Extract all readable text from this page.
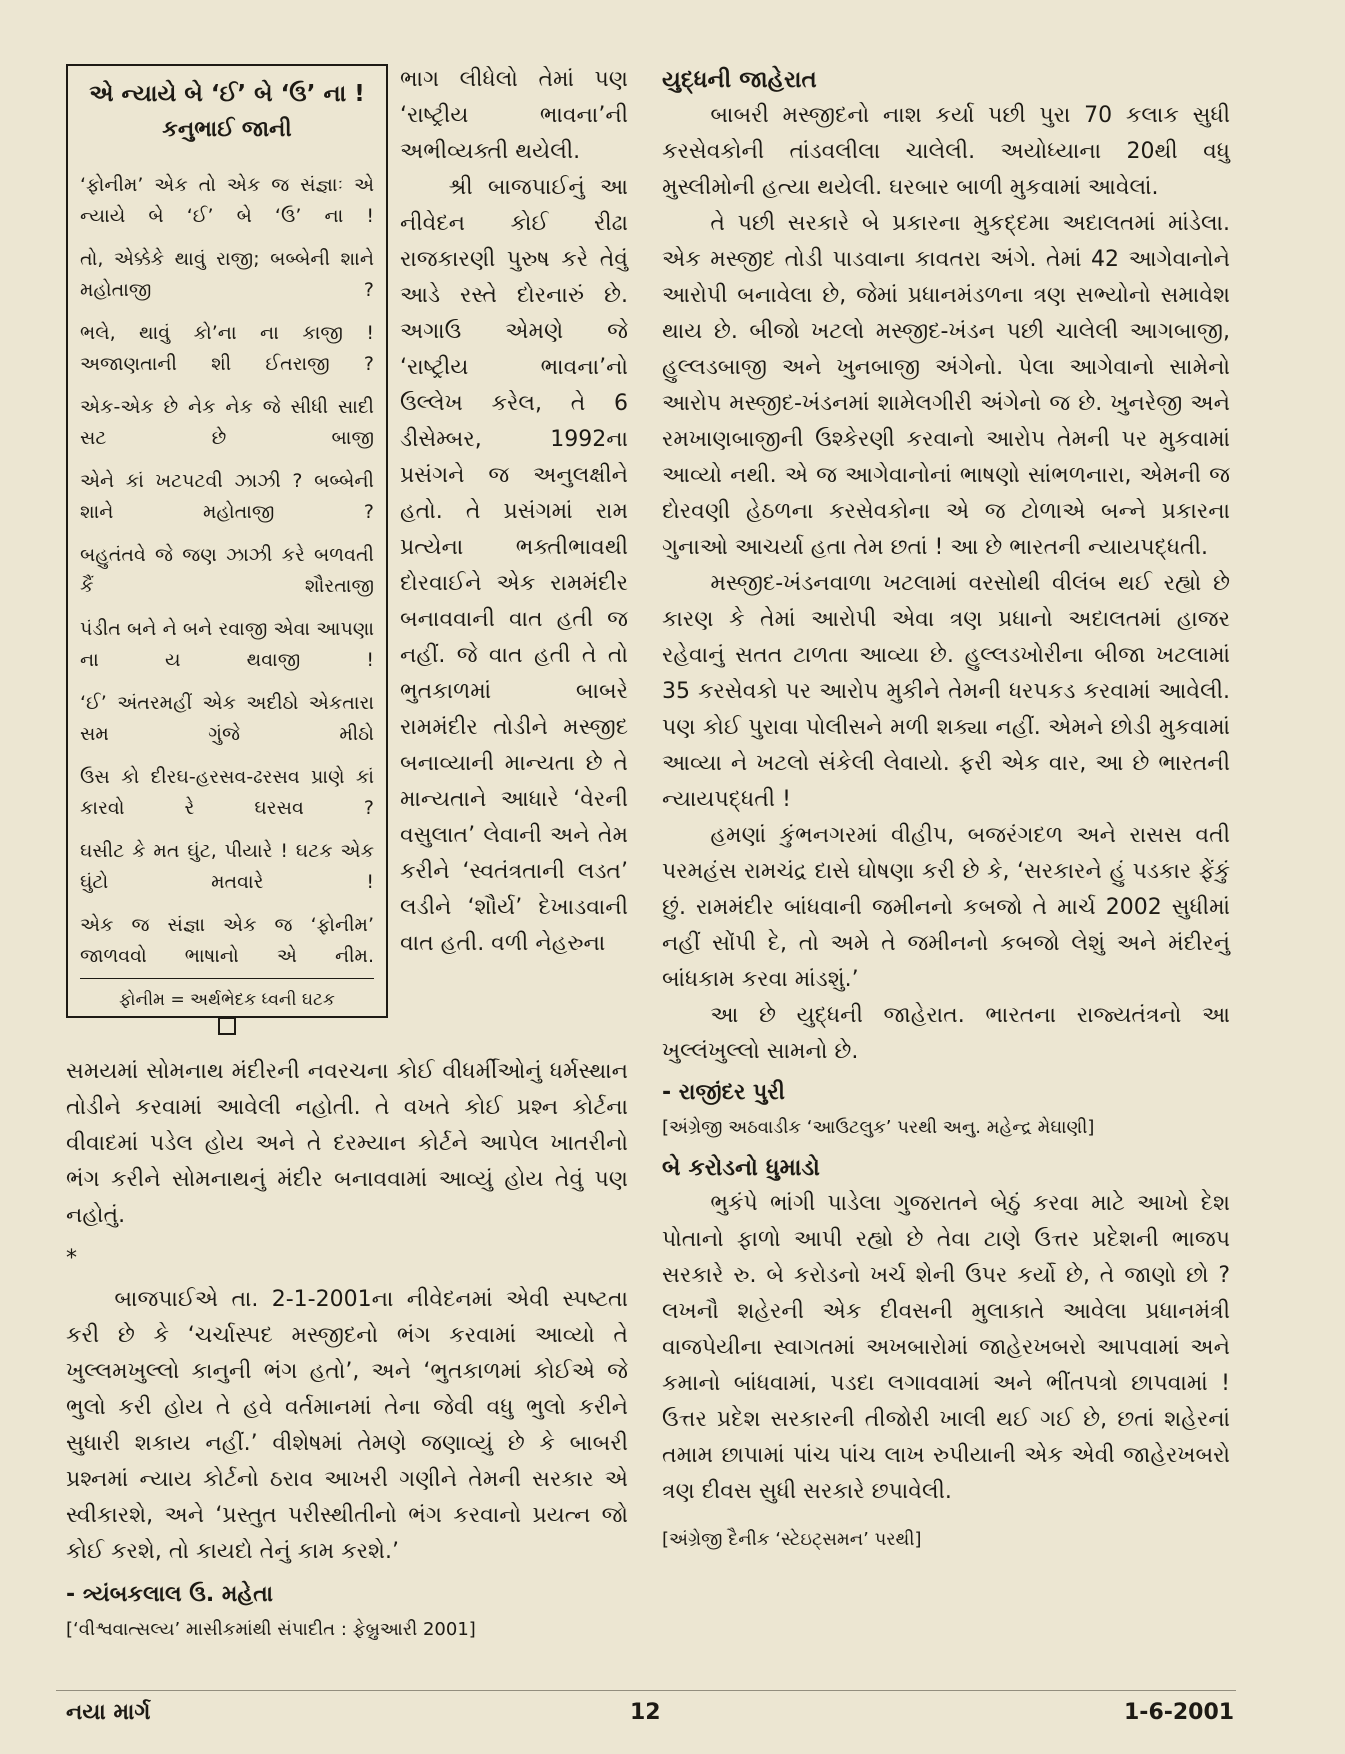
એ ન્યાયે બે ‘ઈ’ બે ‘ઉ’ ના !

કનુભાઈ જાની

‘ફોનીમ’ એક તો એક જ સંજ્ઞાઃ એ ન્યાયે બે ‘ઈ’ બે ‘ઉ’ ના !

તો, એક્કેકે થાવું રાજી; બબ્બેની શાને મહોતાજી ?

ભલે, થાવું કો’ના ના કાજી ! અજાણતાની શી ઈતરાજી ?

એક-એક છે નેક નેક જે સીધી સાદી સટ છે બાજી

એને કાં ખટપટવી ઝાઝી ? બબ્બેની શાને મહોતાજી ?

બહુતંતવે જે જણ ઝાઝી કરે બળવતી કૈં શૌરતાજી

પંડીત બને ને બને રવાજી એવા આપણા ના ય થવાજી !

‘ઈ’ અંતરમહીં એક અદીઠો એકતારા સમ ગુંજે મીઠો

ઉસ કો દીરઘ-હરસવ-ઢરસવ પ્રાણે કાં કારવો રે ઘરસવ ?

ઘસીટ કે મત ઘુંટ, પીયારે ! ઘટક એક ઘુંટો મતવારે !

એક જ સંજ્ઞા એક જ ‘ફોનીમ’ જાળવવો ભાષાનો એ નીમ.

ફોનીમ = અર્થભેદક ધ્વની ઘટક

ભાગ લીધેલો તેમાં પણ ‘રાષ્ટ્રીય ભાવના’ની અભીવ્યક્તી થયેલી.

શ્રી બાજપાઈનું આ નીવેદન કોઈ રીઢા રાજકારણી પુરુષ કરે તેવું આડે રસ્તે દોરનારું છે. અગાઉ એમણે જે ‘રાષ્ટ્રીય ભાવના’નો ઉલ્લેખ કરેલ, તે 6 ડીસેમ્બર, 1992ના પ્રસંગને જ અનુલક્ષીને હતો. તે પ્રસંગમાં રામ પ્રત્યેના ભક્તીભાવથી દોરવાઈને એક રામમંદીર બનાવવાની વાત હતી જ નહીં. જે વાત હતી તે તો ભુતકાળમાં બાબરે રામમંદીર તોડીને મસ્જીદ બનાવ્યાની માન્યતા છે તે માન્યતાને આધારે ‘વેરની વસુલાત’ લેવાની અને તેમ કરીને ‘સ્વતંત્રતાની લડત’ લડીને ‘શૌર્ય’ દેખાડવાની વાત હતી. વળી નેહરુના

સમયમાં સોમનાથ મંદીરની નવરચના કોઈ વીધર્મીઓનું ધર્મસ્થાન તોડીને કરવામાં આવેલી નહોતી. તે વખતે કોઈ પ્રશ્ન કોર્ટના વીવાદમાં પડેલ હોય અને તે દરમ્યાન કોર્ટને આપેલ ખાતરીનો ભંગ કરીને સોમનાથનું મંદીર બનાવવામાં આવ્યું હોય તેવું પણ નહોતું.

*

બાજપાઈએ તા. 2-1-2001ના નીવેદનમાં એવી સ્પષ્ટતા કરી છે કે ‘ચર્ચાસ્પદ મસ્જીદનો ભંગ કરવામાં આવ્યો તે ખુલ્લમખુલ્લો કાનુની ભંગ હતો’, અને ‘ભુતકાળમાં કોઈએ જે ભુલો કરી હોય તે હવે વર્તમાનમાં તેના જેવી વધુ ભુલો કરીને સુધારી શકાય નહીં.’ વીશેષમાં તેમણે જણાવ્યું છે કે બાબરી પ્રશ્નમાં ન્યાય કોર્ટનો ઠરાવ આખરી ગણીને તેમની સરકાર એ સ્વીકારશે, અને ‘પ્રસ્તુત પરીસ્થીતીનો ભંગ કરવાનો પ્રયત્ન જો કોઈ કરશે, તો કાયદો તેનું કામ કરશે.’

- ત્ર્યંબકલાલ ઉ. મહેતા

[‘વીશ્વવાત્સલ્ય’ માસીકમાંથી સંપાદીત : ફેબ્રુઆરી 2001]

યુદ્ધની જાહેરાત

બાબરી મસ્જીદનો નાશ કર્યા પછી પુરા 70 કલાક સુધી કરસેવકોની તાંડવલીલા ચાલેલી. અયોધ્યાના 20થી વધુ મુસ્લીમોની હત્યા થયેલી. ઘરબાર બાળી મુકવામાં આવેલાં.

તે પછી સરકારે બે પ્રકારના મુકદ્દમા અદાલતમાં માંડેલા. એક મસ્જીદ તોડી પાડવાના કાવતરા અંગે. તેમાં 42 આગેવાનોને આરોપી બનાવેલા છે, જેમાં પ્રધાનમંડળના ત્રણ સભ્યોનો સમાવેશ થાય છે. બીજો ખટલો મસ્જીદ-ખંડન પછી ચાલેલી આગબાજી, હુલ્લડબાજી અને ખુનબાજી અંગેનો. પેલા આગેવાનો સામેનો આરોપ મસ્જીદ-ખંડનમાં શામેલગીરી અંગેનો જ છે. ખુનરેજી અને રમખાણબાજીની ઉશ્કેરણી કરવાનો આરોપ તેમની પર મુકવામાં આવ્યો નથી. એ જ આગેવાનોનાં ભાષણો સાંભળનારા, એમની જ દોરવણી હેઠળના કરસેવકોના એ જ ટોળાએ બન્ને પ્રકારના ગુનાઓ આચર્યા હતા તેમ છતાં ! આ છે ભારતની ન્યાયપદ્ધતી.

મસ્જીદ-ખંડનવાળા ખટલામાં વરસોથી વીલંબ થઈ રહ્યો છે કારણ કે તેમાં આરોપી એવા ત્રણ પ્રધાનો અદાલતમાં હાજર રહેવાનું સતત ટાળતા આવ્યા છે. હુલ્લડખોરીના બીજા ખટલામાં 35 કરસેવકો પર આરોપ મુકીને તેમની ધરપકડ કરવામાં આવેલી. પણ કોઈ પુરાવા પોલીસને મળી શક્યા નહીં. એમને છોડી મુકવામાં આવ્યા ને ખટલો સંકેલી લેવાયો. ફરી એક વાર, આ છે ભારતની ન્યાયપદ્ધતી !

હમણાં કુંભનગરમાં વીહીપ, બજરંગદળ અને રાસસ વતી પરમહંસ રામચંદ્ર દાસે ઘોષણા કરી છે કે, ‘સરકારને હું પડકાર ફેંકું છું. રામમંદીર બાંધવાની જમીનનો કબજો તે માર્ચ 2002 સુધીમાં નહીં સોંપી દે, તો અમે તે જમીનનો કબજો લેશું અને મંદીરનું બાંધકામ કરવા માંડશું.’

આ છે યુદ્ધની જાહેરાત. ભારતના રાજ્યતંત્રનો આ ખુલ્લંખુલ્લો સામનો છે.

- રાજીંદર પુરી

[અંગ્રેજી અઠવાડીક ‘આઉટલુક’ પરથી અનુ. મહેન્દ્ર મેઘાણી]

બે કરોડનો ધુમાડો

ભુકંપે ભાંગી પાડેલા ગુજરાતને બેઠું કરવા માટે આખો દેશ પોતાનો ફાળો આપી રહ્યો છે તેવા ટાણે ઉત્તર પ્રદેશની ભાજપ સરકારે રુ. બે કરોડનો ખર્ચ શેની ઉપર કર્યો છે, તે જાણો છો ? લખનૌ શહેરની એક દીવસની મુલાકાતે આવેલા પ્રધાનમંત્રી વાજપેયીના સ્વાગતમાં અખબારોમાં જાહેરખબરો આપવામાં અને કમાનો બાંધવામાં, પડદા લગાવવામાં અને ભીંતપત્રો છાપવામાં ! ઉત્તર પ્રદેશ સરકારની તીજોરી ખાલી થઈ ગઈ છે, છતાં શહેરનાં તમામ છાપામાં પાંચ પાંચ લાખ રુપીયાની એક એવી જાહેરખબરો ત્રણ દીવસ સુધી સરકારે છપાવેલી.

[અંગ્રેજી દૈનીક ‘સ્ટેઇટ્સમન’ પરથી]

નયા માર્ગ	12	1-6-2001
